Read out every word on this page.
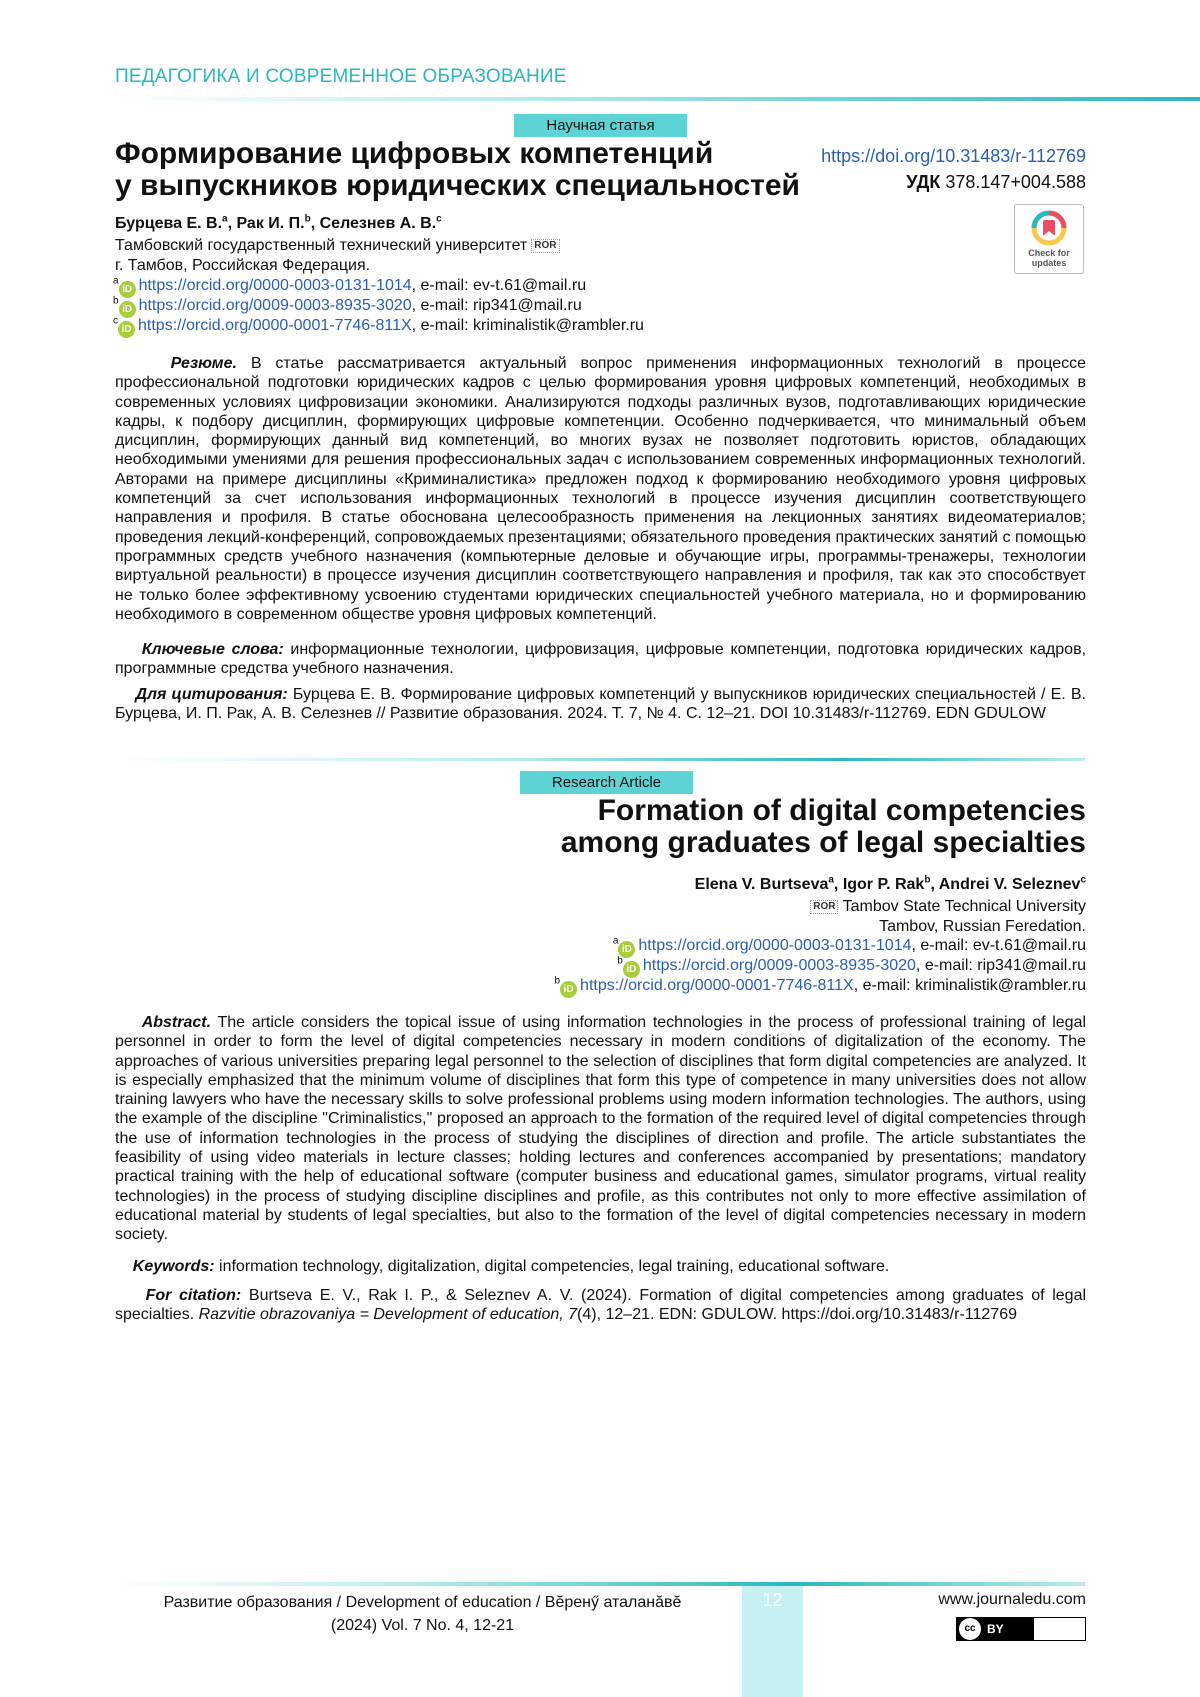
ПЕДАГОГИКА И СОВРЕМЕННОЕ ОБРАЗОВАНИЕ
Научная статья
Формирование цифровых компетенций
у выпускников юридических специальностей
https://doi.org/10.31483/r-112769
УДК 378.147+004.588
Check for
updates
Бурцева Е. В.$^a$, Рак И. П.$^b$, Селезнев А. В.$^c$
Тамбовский государственный технический университет ROR
г. Тамбов, Российская Федерация.
$^a$iD https://orcid.org/0000-0003-0131-1014, e-mail: ev-t.61@mail.ru
$^b$iD https://orcid.org/0009-0003-8935-3020, e-mail: rip341@mail.ru
$^c$iD https://orcid.org/0000-0001-7746-811X, e-mail: kriminalistik@rambler.ru
Резюме. В статье рассматривается актуальный вопрос применения информационных технологий в процессе профессиональной подготовки юридических кадров с целью формирования уровня цифровых компетенций, необходимых в современных условиях цифровизации экономики. Анализируются подходы различных вузов, подготавливающих юридические кадры, к подбору дисциплин, формирующих цифровые компетенции. Особенно подчеркивается, что минимальный объем дисциплин, формирующих данный вид компетенций, во многих вузах не позволяет подготовить юристов, обладающих необходимыми умениями для решения профессиональных задач с использованием современных информационных технологий. Авторами на примере дисциплины «Криминалистика» предложен подход к формированию необходимого уровня цифровых компетенций за счет использования информационных технологий в процессе изучения дисциплин соответствующего направления и профиля. В статье обоснована целесообразность применения на лекционных занятиях видеоматериалов; проведения лекций-конференций, сопровождаемых презентациями; обязательного проведения практических занятий с помощью программных средств учебного назначения (компьютерные деловые и обучающие игры, программы-тренажеры, технологии виртуальной реальности) в процессе изучения дисциплин соответствующего направления и профиля, так как это способствует не только более эффективному усвоению студентами юридических специальностей учебного материала, но и формированию необходимого в современном обществе уровня цифровых компетенций.
Ключевые слова: информационные технологии, цифровизация, цифровые компетенции, подготовка юридических кадров, программные средства учебного назначения.
Для цитирования: Бурцева Е. В. Формирование цифровых компетенций у выпускников юридических специальностей / Е. В. Бурцева, И. П. Рак, А. В. Селезнев // Развитие образования. 2024. Т. 7, № 4. С. 12–21. DOI 10.31483/r-112769. EDN GDULOW
Research Article
Formation of digital competencies
among graduates of legal specialties
Elena V. Burtseva$^a$, Igor P. Rak$^b$, Andrei V. Seleznev$^c$
ROR Tambov State Technical University
Tambov, Russian Feredation.
$^a$iD https://orcid.org/0000-0003-0131-1014, e-mail: ev-t.61@mail.ru
$^b$iD https://orcid.org/0009-0003-8935-3020, e-mail: rip341@mail.ru
$^b$iD https://orcid.org/0000-0001-7746-811X, e-mail: kriminalistik@rambler.ru
Abstract. The article considers the topical issue of using information technologies in the process of professional training of legal personnel in order to form the level of digital competencies necessary in modern conditions of digitalization of the economy. The approaches of various universities preparing legal personnel to the selection of disciplines that form digital competencies are analyzed. It is especially emphasized that the minimum volume of disciplines that form this type of competence in many universities does not allow training lawyers who have the necessary skills to solve professional problems using modern information technologies. The authors, using the example of the discipline "Criminalistics," proposed an approach to the formation of the required level of digital competencies through the use of information technologies in the process of studying the disciplines of direction and profile. The article substantiates the feasibility of using video materials in lecture classes; holding lectures and conferences accompanied by presentations; mandatory practical training with the help of educational software (computer business and educational games, simulator programs, virtual reality technologies) in the process of studying discipline disciplines and profile, as this contributes not only to more effective assimilation of educational material by students of legal specialties, but also to the formation of the level of digital competencies necessary in modern society.
Keywords: information technology, digitalization, digital competencies, legal training, educational software.
For citation: Burtseva E. V., Rak I. P., & Seleznev A. V. (2024). Formation of digital competencies among graduates of legal specialties. Razvitie obrazovaniya = Development of education, 7(4), 12–21. EDN: GDULOW. https://doi.org/10.31483/r-112769
12
Развитие образования / Development of education / Вĕренӳ аталанăвĕ
(2024) Vol. 7 No. 4, 12-21
www.journaledu.com
cc BY
